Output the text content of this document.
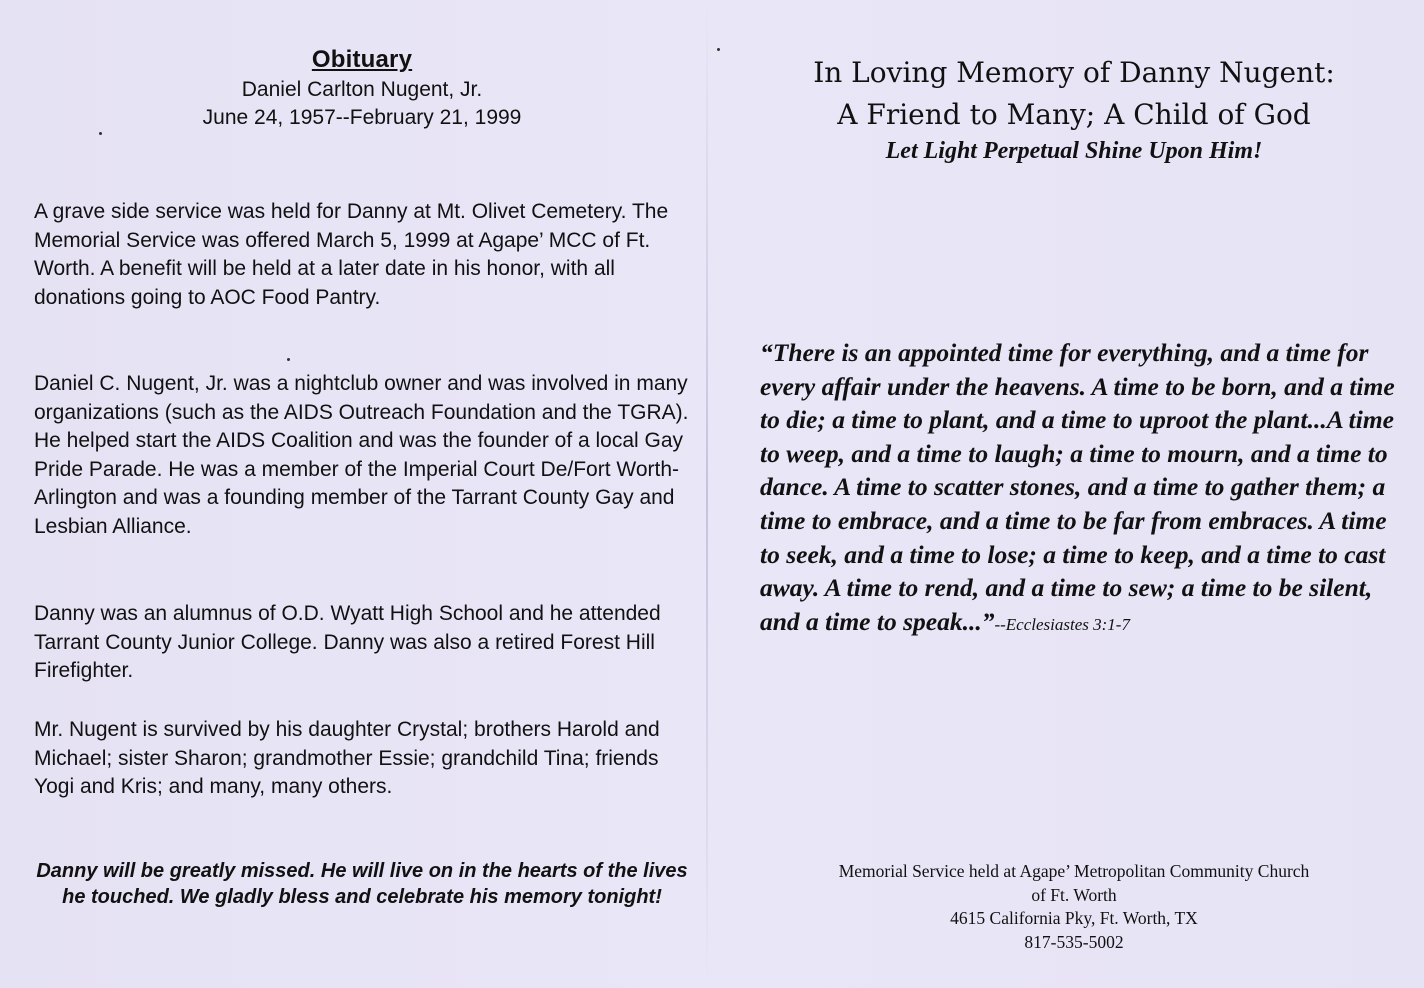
Obituary
Daniel Carlton Nugent, Jr.
June 24, 1957--February 21, 1999

A grave side service was held for Danny at Mt. Olivet Cemetery. The Memorial Service was offered March 5, 1999 at Agape’ MCC of Ft. Worth. A benefit will be held at a later date in his honor, with all donations going to AOC Food Pantry.

Daniel C. Nugent, Jr. was a nightclub owner and was involved in many organizations (such as the AIDS Outreach Foundation and the TGRA). He helped start the AIDS Coalition and was the founder of a local Gay Pride Parade. He was a member of the Imperial Court De/Fort Worth-Arlington and was a founding member of the Tarrant County Gay and Lesbian Alliance.

Danny was an alumnus of O.D. Wyatt High School and he attended Tarrant County Junior College. Danny was also a retired Forest Hill Firefighter.

Mr. Nugent is survived by his daughter Crystal; brothers Harold and Michael; sister Sharon; grandmother Essie; grandchild Tina; friends Yogi and Kris; and many, many others.

Danny will be greatly missed. He will live on in the hearts of the lives he touched. We gladly bless and celebrate his memory tonight!
In Loving Memory of Danny Nugent:
A Friend to Many; A Child of God
Let Light Perpetual Shine Upon Him!

“There is an appointed time for everything, and a time for every affair under the heavens. A time to be born, and a time to die; a time to plant, and a time to uproot the plant...A time to weep, and a time to laugh; a time to mourn, and a time to dance. A time to scatter stones, and a time to gather them; a time to embrace, and a time to be far from embraces. A time to seek, and a time to lose; a time to keep, and a time to cast away. A time to rend, and a time to sew; a time to be silent, and a time to speak...”--Ecclesiastes 3:1-7

Memorial Service held at Agape’ Metropolitan Community Church
of Ft. Worth
4615 California Pky, Ft. Worth, TX
817-535-5002
